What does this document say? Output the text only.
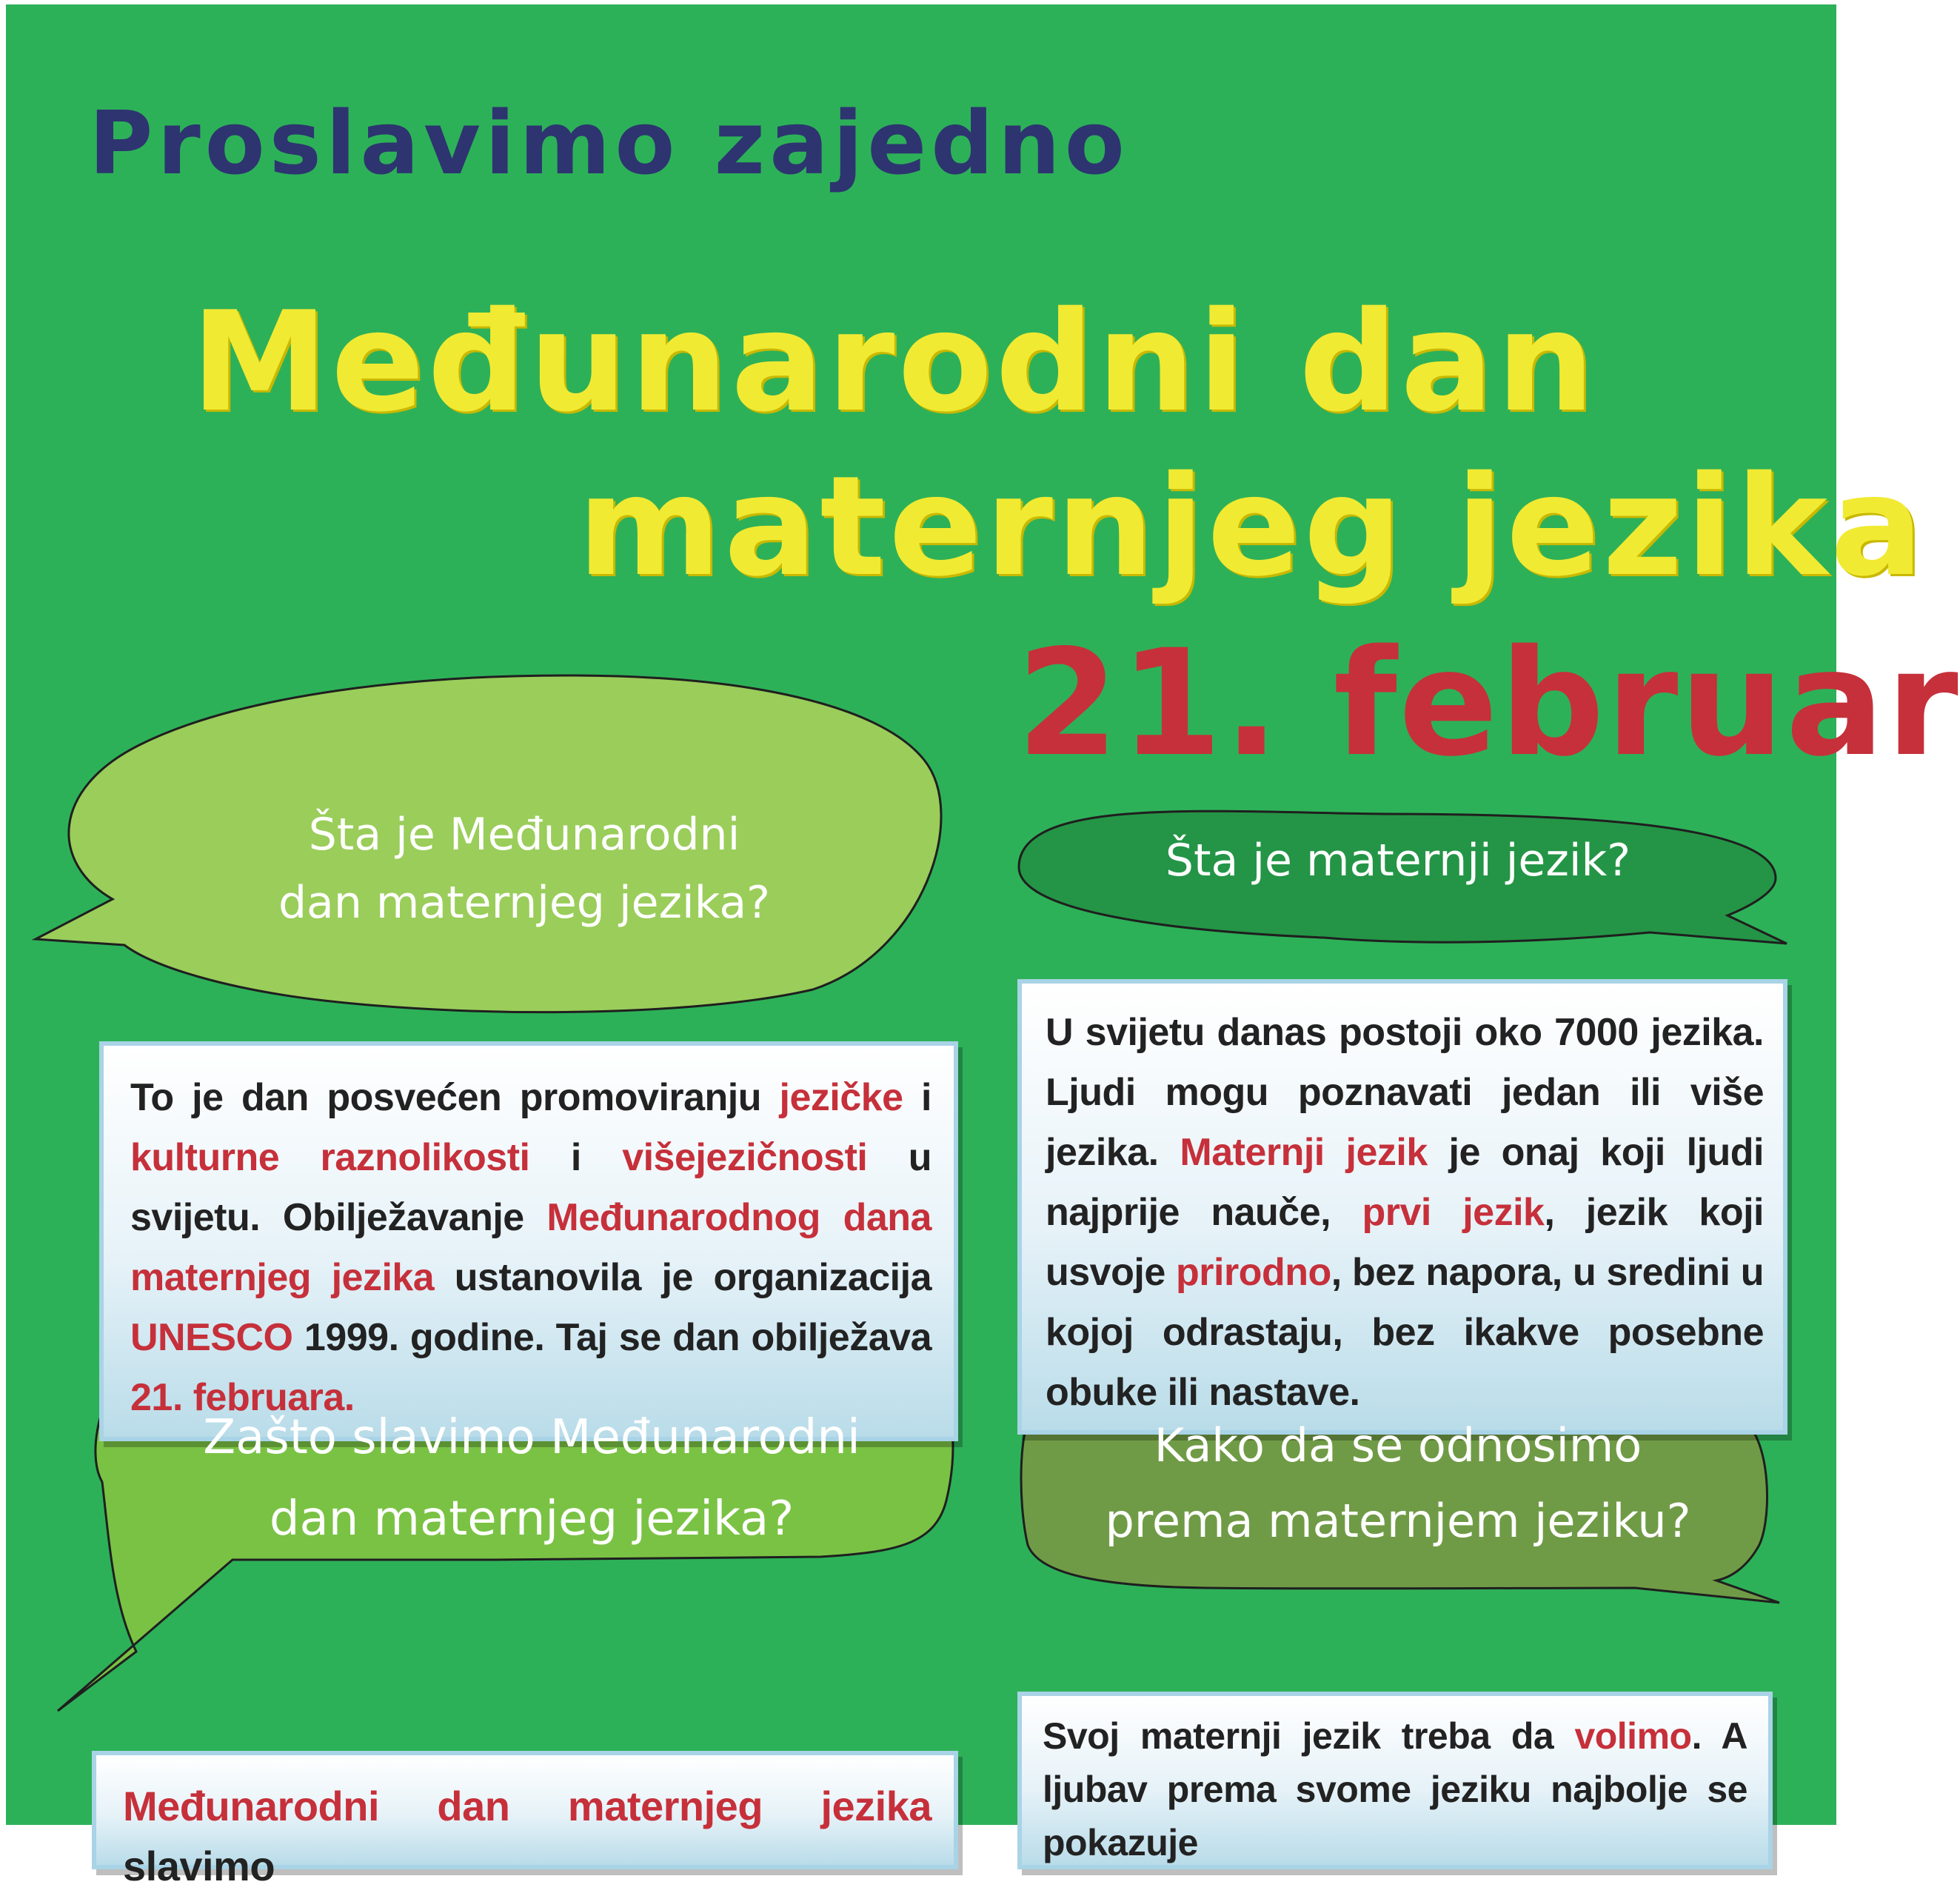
Proslavimo zajedno
Međunarodni dan
maternjeg jezika
21. februar
Šta je Međunarodni
dan maternjeg jezika?
To je dan posvećen promoviranju jezičke i kulturne raznolikosti i višejezičnosti u svijetu. Obilježavanje Međunarodnog dana maternjeg jezika ustanovila je organizacija UNESCO 1999. godine. Taj se dan obilježava 21. februara.
Šta je maternji jezik?
U svijetu danas postoji oko 7000 jezika. Ljudi mogu poznavati jedan ili više jezika. Maternji jezik je onaj koji ljudi najprije nauče, prvi jezik, jezik koji usvoje prirodno, bez napora, u sredini u kojoj odrastaju, bez ikakve posebne obuke ili nastave.
Zašto slavimo Međunarodni
dan maternjeg jezika?
Međunarodni dan maternjeg jezika slavimo
Kako da se odnosimo
prema maternjem jeziku?
Svoj maternji jezik treba da volimo. A ljubav prema svome jeziku najbolje se pokazuje
